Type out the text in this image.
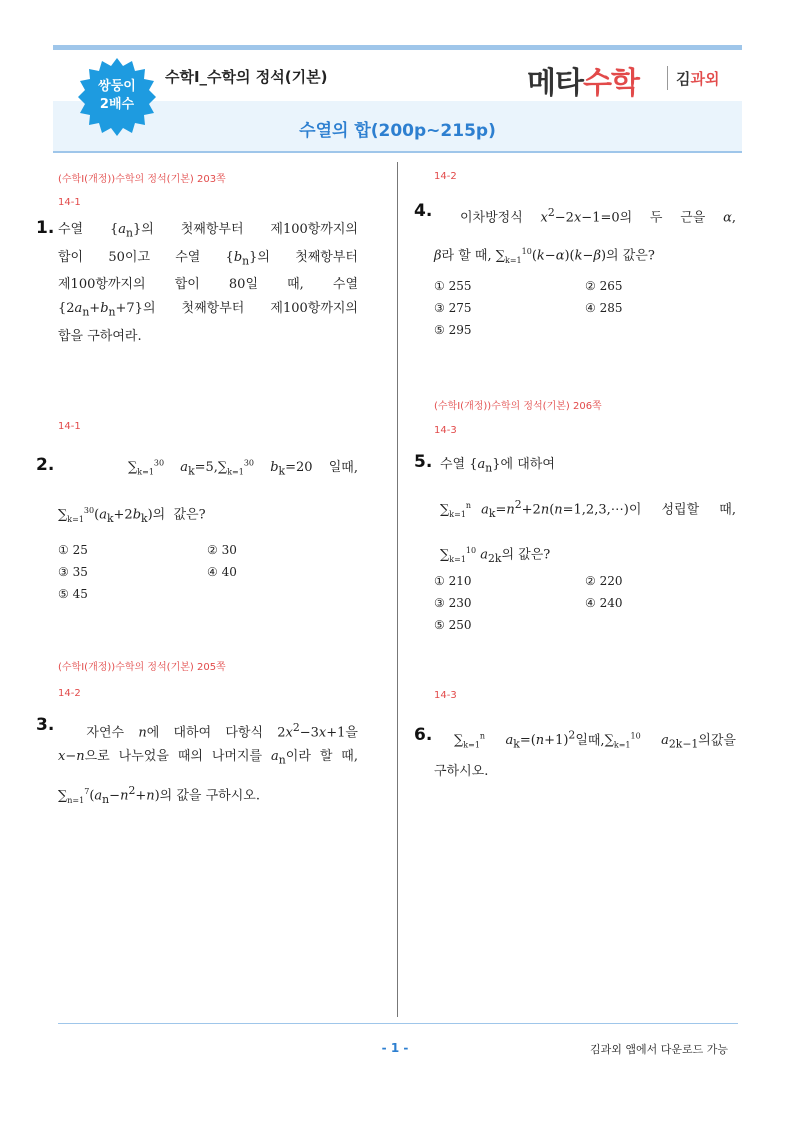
쌍둥이
2배수
수학Ⅰ_수학의 정석(기본)	메타수학 김과외
수열의 합(200p~215p)
(수학I(개정))수학의 정석(기본) 203쪽
14-1
1. 수열  $\{a_n\}$의  첫째항부터  제100항까지의
합이  50이고  수열  $\{b_n\}$의  첫째항부터
제100항까지의  합이  80일  때,  수열
$\{2a_n+b_n+7\}$의  첫째항부터  제100항까지의
합을 구하여라.
14-1
2.	$\sum_{k=1}^{30}$ $a_k=5,\sum_{k=1}^{30}$ $b_k=20$ 일때,
$\sum_{k=1}^{30}(a_k+2b_k)$의  값은?
① 25	② 30
③ 35	④ 40
⑤ 45
(수학I(개정))수학의 정석(기본) 205쪽
14-2
3. 자연수  n에  대하여  다항식  $2x^2-3x+1$을
x−n으로 나누었을 때의 나머지를 $a_n$이라 할 때,
$\sum_{n=1}^7(a_n-n^2+n)$의 값을 구하시오.
14-2
4.	이차방정식  $x^2-2x-1=0$의  두  근을  α,
β라 할 때, $\sum_{k=1}^{10}(k-\alpha)(k-\beta)$의 값은?
① 255	② 265
③ 275	④ 285
⑤ 295
(수학I(개정))수학의 정석(기본) 206쪽
14-3
5. 수열 $\{a_n\}$에 대하여
$\sum_{k=1}^n$ $a_k=n^2+2n(n=1,2,3,\cdots)$이  성립할  때,
$\sum_{k=1}^{10}$ $a_{2k}$의 값은?
① 210	② 220
③ 230	④ 240
⑤ 250
14-3
6. $\sum_{k=1}^n$ $a_k=(n+1)^2$일때$,\sum_{k=1}^{10}$ $a_{2k-1}$의값을
구하시오.
- 1 -	김과외 앱에서 다운로드 가능
